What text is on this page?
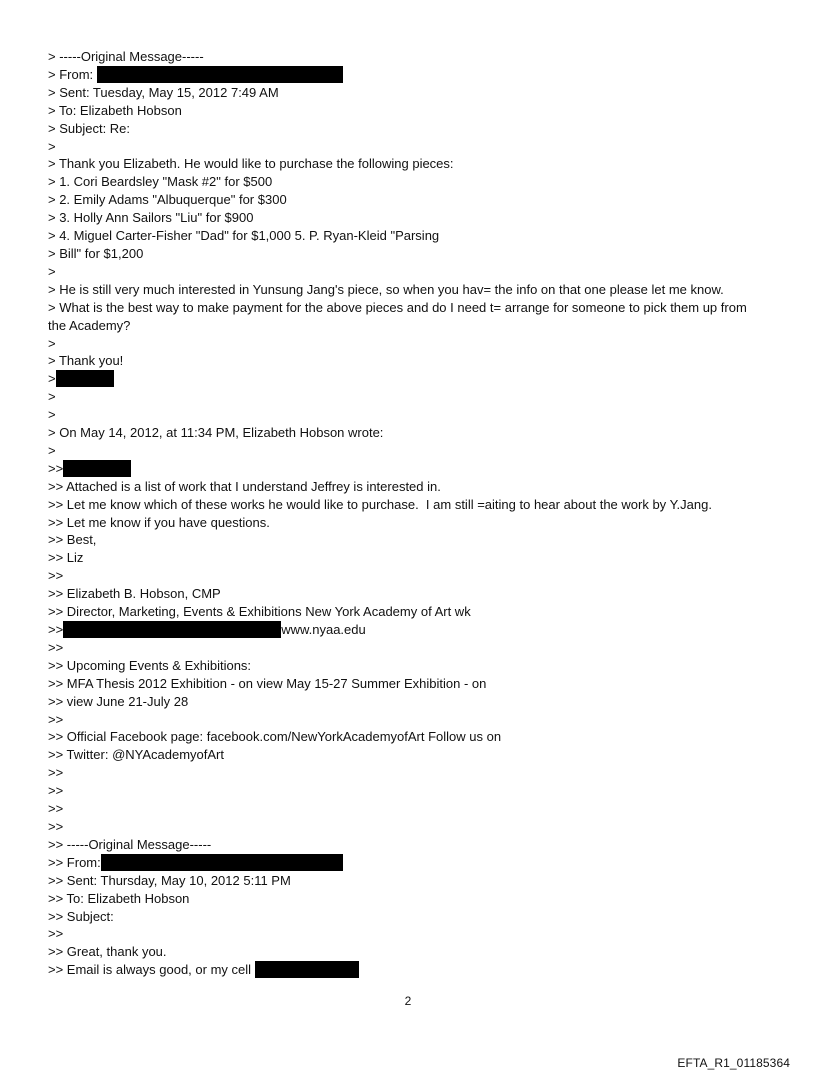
> -----Original Message-----
> From:
> Sent: Tuesday, May 15, 2012 7:49 AM
> To: Elizabeth Hobson
> Subject: Re:
>
> Thank you Elizabeth. He would like to purchase the following pieces:
> 1. Cori Beardsley "Mask #2" for $500
> 2. Emily Adams "Albuquerque" for $300
> 3. Holly Ann Sailors "Liu" for $900
> 4. Miguel Carter-Fisher "Dad" for $1,000 5. P. Ryan-Kleid "Parsing
> Bill" for $1,200
>
> He is still very much interested in Yunsung Jang's piece, so when you hav= the info on that one please let me know.
> What is the best way to make payment for the above pieces and do I need t= arrange for someone to pick them up from the Academy?
>
> Thank you!
>
>
>
> On May 14, 2012, at 11:34 PM, Elizabeth Hobson wrote:
>
>>
>> Attached is a list of work that I understand Jeffrey is interested in.
>> Let me know which of these works he would like to purchase.  I am still =aiting to hear about the work by Y.Jang.
>> Let me know if you have questions.
>> Best,
>> Liz
>>
>> Elizabeth B. Hobson, CMP
>> Director, Marketing, Events & Exhibitions New York Academy of Art wk
>>	www.nyaa.edu
>>
>> Upcoming Events & Exhibitions:
>> MFA Thesis 2012 Exhibition - on view May 15-27 Summer Exhibition - on
>> view June 21-July 28
>>
>> Official Facebook page: facebook.com/NewYorkAcademyofArt Follow us on
>> Twitter: @NYAcademyofArt
>>
>>
>>
>>
>> -----Original Message-----
>> From:
>> Sent: Thursday, May 10, 2012 5:11 PM
>> To: Elizabeth Hobson
>> Subject:
>>
>> Great, thank you.
>> Email is always good, or my cell
2
EFTA_R1_01185364
